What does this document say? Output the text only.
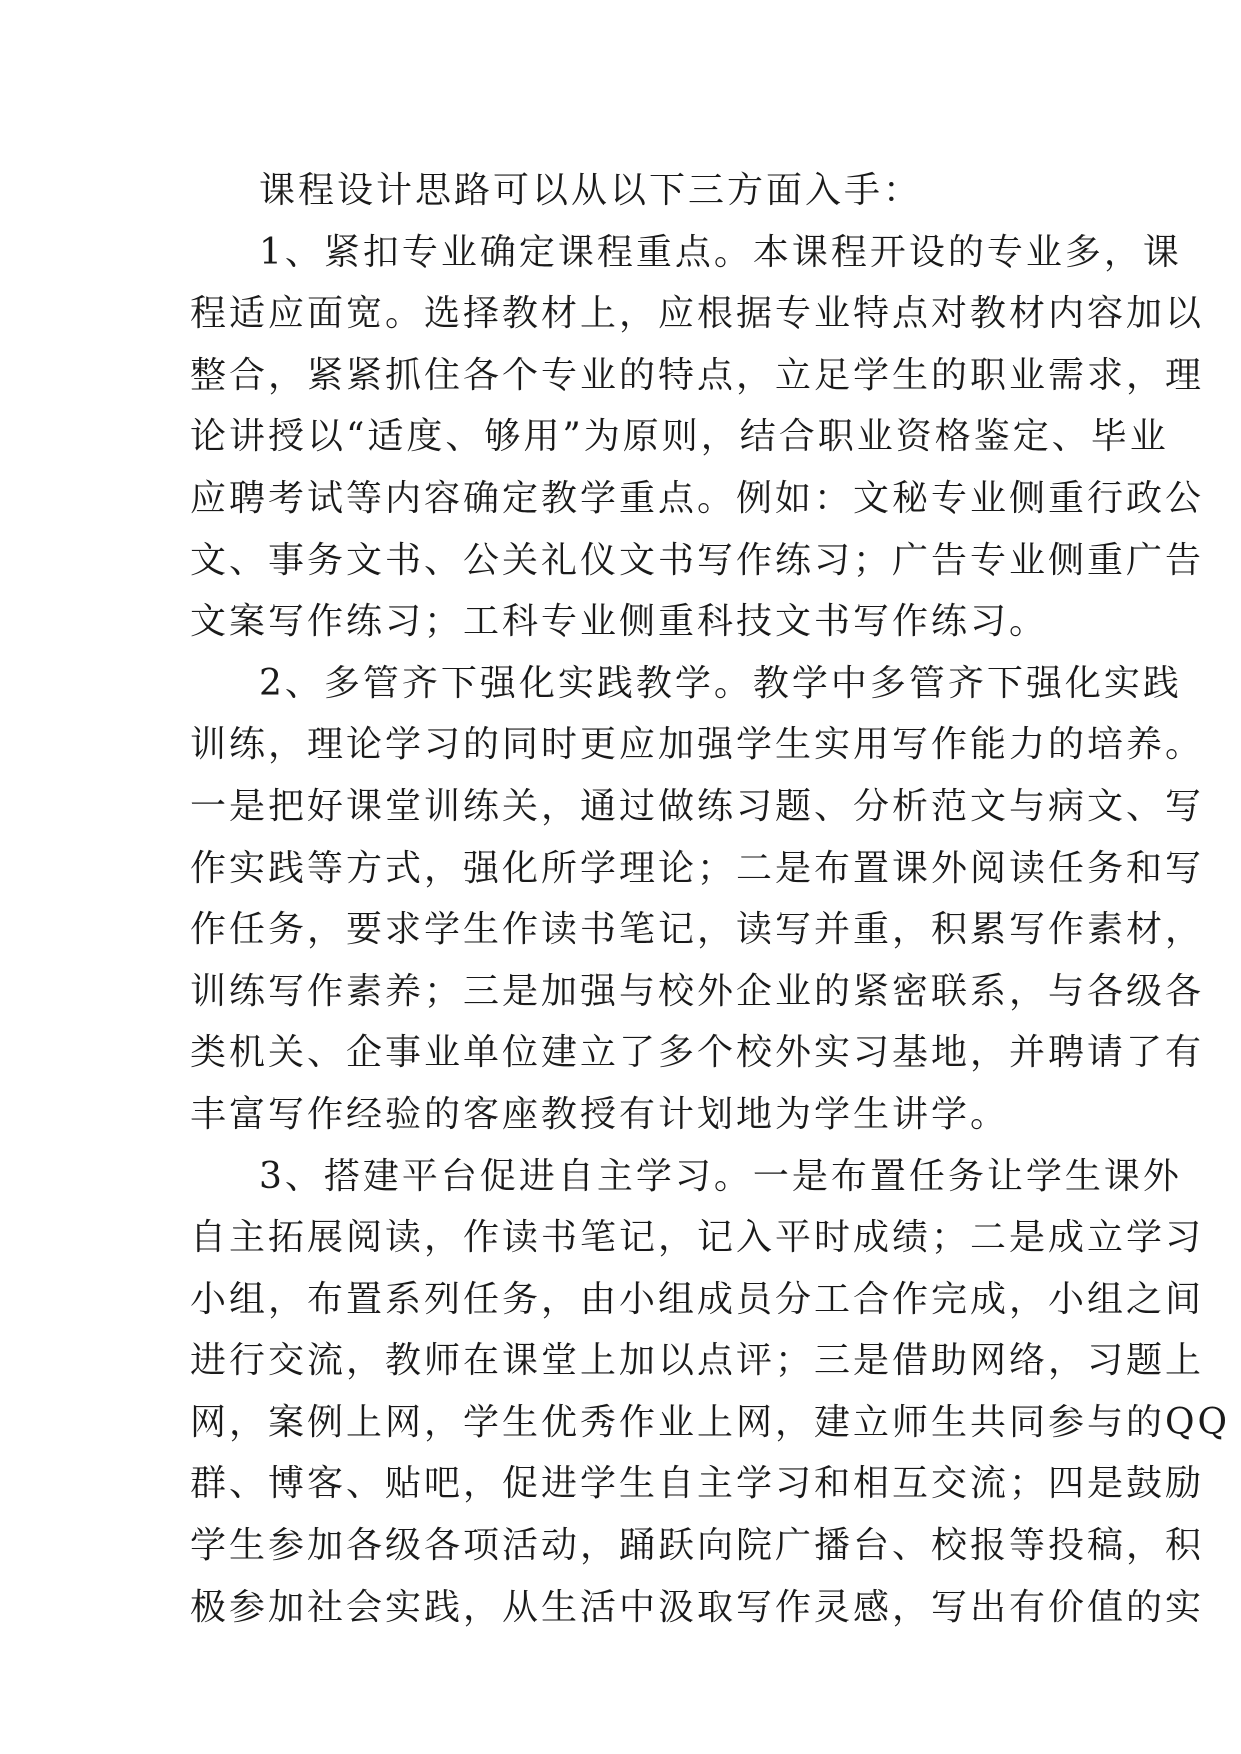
课程设计思路可以从以下三方面入手：
1、紧扣专业确定课程重点。本课程开设的专业多，课
程适应面宽。选择教材上，应根据专业特点对教材内容加以
整合，紧紧抓住各个专业的特点，立足学生的职业需求，理
论讲授以“适度、够用”为原则，结合职业资格鉴定、毕业
应聘考试等内容确定教学重点。例如：文秘专业侧重行政公
文、事务文书、公关礼仪文书写作练习；广告专业侧重广告
文案写作练习；工科专业侧重科技文书写作练习。
2、多管齐下强化实践教学。教学中多管齐下强化实践
训练，理论学习的同时更应加强学生实用写作能力的培养。
一是把好课堂训练关，通过做练习题、分析范文与病文、写
作实践等方式，强化所学理论；二是布置课外阅读任务和写
作任务，要求学生作读书笔记，读写并重，积累写作素材，
训练写作素养；三是加强与校外企业的紧密联系，与各级各
类机关、企事业单位建立了多个校外实习基地，并聘请了有
丰富写作经验的客座教授有计划地为学生讲学。
3、搭建平台促进自主学习。一是布置任务让学生课外
自主拓展阅读，作读书笔记，记入平时成绩；二是成立学习
小组，布置系列任务，由小组成员分工合作完成，小组之间
进行交流，教师在课堂上加以点评；三是借助网络，习题上
网，案例上网，学生优秀作业上网，建立师生共同参与的QQ
群、博客、贴吧，促进学生自主学习和相互交流；四是鼓励
学生参加各级各项活动，踊跃向院广播台、校报等投稿，积
极参加社会实践，从生活中汲取写作灵感，写出有价值的实
